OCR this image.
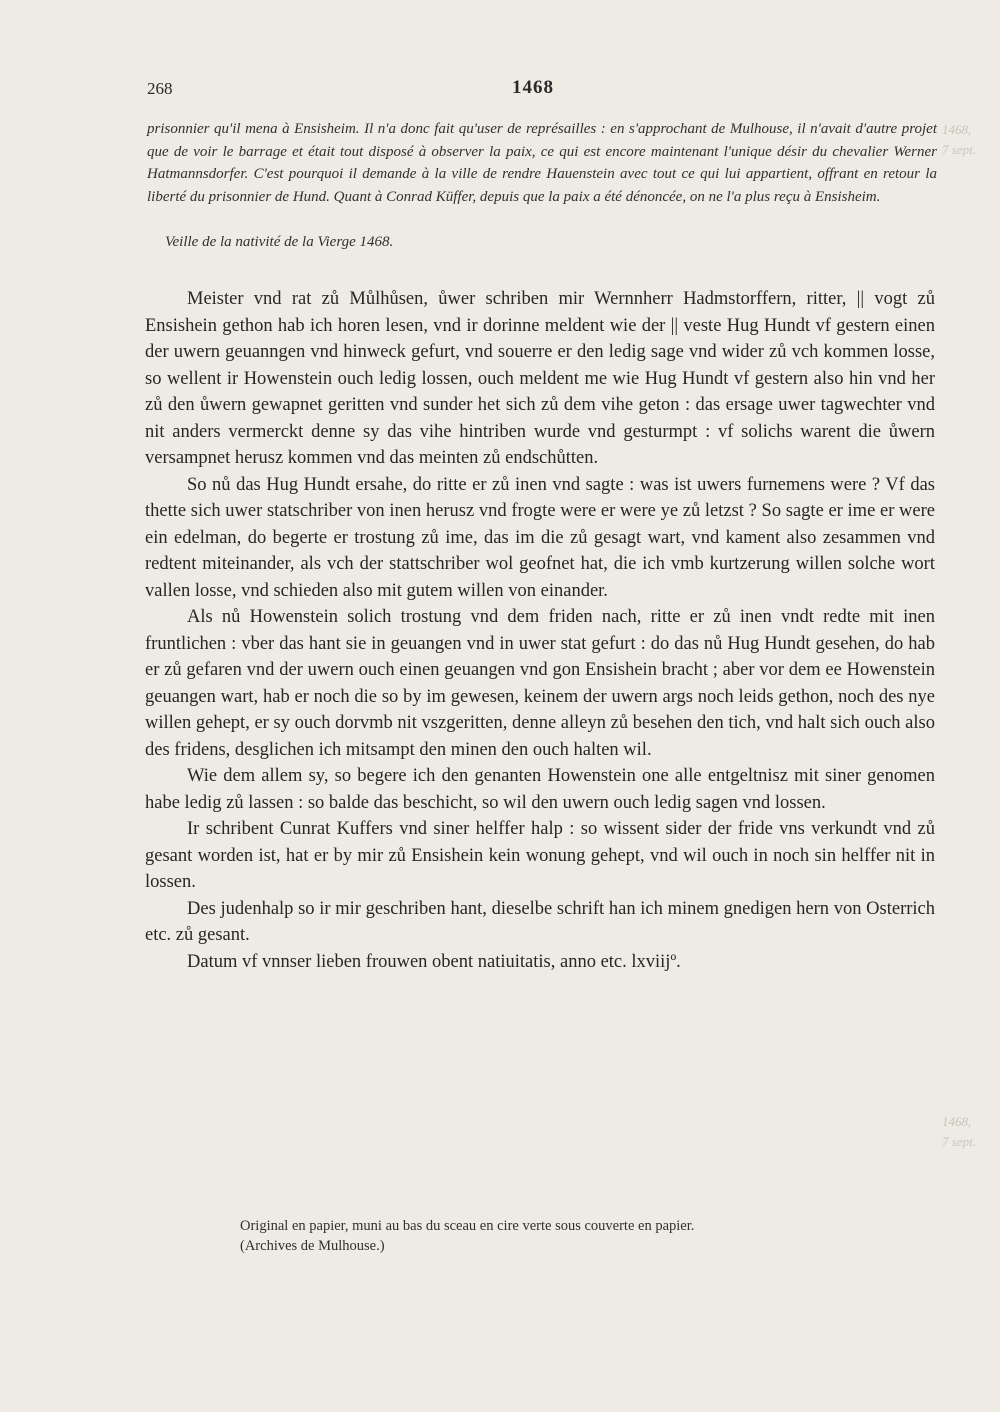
1468,
7 sept.
1468,
7 sept.
268	1468
prisonnier qu'il mena à Ensisheim. Il n'a donc fait qu'user de représailles : en s'approchant de Mulhouse, il n'avait d'autre projet que de voir le barrage et était tout disposé à observer la paix, ce qui est encore maintenant l'unique désir du chevalier Werner Hatmannsdorfer. C'est pourquoi il demande à la ville de rendre Hauenstein avec tout ce qui lui appartient, offrant en retour la liberté du prisonnier de Hund. Quant à Conrad Küffer, depuis que la paix a été dénoncée, on ne l'a plus reçu à Ensisheim.
Veille de la nativité de la Vierge 1468.

Meister vnd rat zů Můlhůsen, ůwer schriben mir Wernnherr Hadmstorffern, ritter, || vogt zů Ensishein gethon hab ich horen lesen, vnd ir dorinne meldent wie der || veste Hug Hundt vf gestern einen der uwern geuanngen vnd hinweck gefurt, vnd souerre er den ledig sage vnd wider zů vch kommen losse, so wellent ir Howenstein ouch ledig lossen, ouch meldent me wie Hug Hundt vf gestern also hin vnd her zů den ůwern gewapnet geritten vnd sunder het sich zů dem vihe geton : das ersage uwer tagwechter vnd nit anders vermerckt denne sy das vihe hintriben wurde vnd gesturmpt : vf solichs warent die ůwern versampnet herusz kommen vnd das meinten zů endschůtten.

So nů das Hug Hundt ersahe, do ritte er zů inen vnd sagte : was ist uwers furnemens were ? Vf das thette sich uwer statschriber von inen herusz vnd frogte were er were ye zů letzst ? So sagte er ime er were ein edelman, do begerte er trostung zů ime, das im die zů gesagt wart, vnd kament also zesammen vnd redtent miteinander, als vch der stattschriber wol geofnet hat, die ich vmb kurtzerung willen solche wort vallen losse, vnd schieden also mit gutem willen von einander.

Als nů Howenstein solich trostung vnd dem friden nach, ritte er zů inen vndt redte mit inen fruntlichen : vber das hant sie in geuangen vnd in uwer stat gefurt : do das nů Hug Hundt gesehen, do hab er zů gefaren vnd der uwern ouch einen geuangen vnd gon Ensishein bracht ; aber vor dem ee Howenstein geuangen wart, hab er noch die so by im gewesen, keinem der uwern args noch leids gethon, noch des nye willen gehept, er sy ouch dorvmb nit vszgeritten, denne alleyn zů besehen den tich, vnd halt sich ouch also des fridens, desglichen ich mitsampt den minen den ouch halten wil.

Wie dem allem sy, so begere ich den genanten Howenstein one alle entgeltnisz mit siner genomen habe ledig zů lassen : so balde das beschicht, so wil den uwern ouch ledig sagen vnd lossen.

Ir schribent Cunrat Kuffers vnd siner helffer halp : so wissent sider der fride vns verkundt vnd zů gesant worden ist, hat er by mir zů Ensishein kein wonung gehept, vnd wil ouch in noch sin helffer nit in lossen.

Des judenhalp so ir mir geschriben hant, dieselbe schrift han ich minem gnedigen hern von Osterrich etc. zů gesant.

Datum vf vnnser lieben frouwen obent natiuitatis, anno etc. lxviijº.

Original en papier, muni au bas du sceau en cire verte sous couverte en papier.
(Archives de Mulhouse.)
